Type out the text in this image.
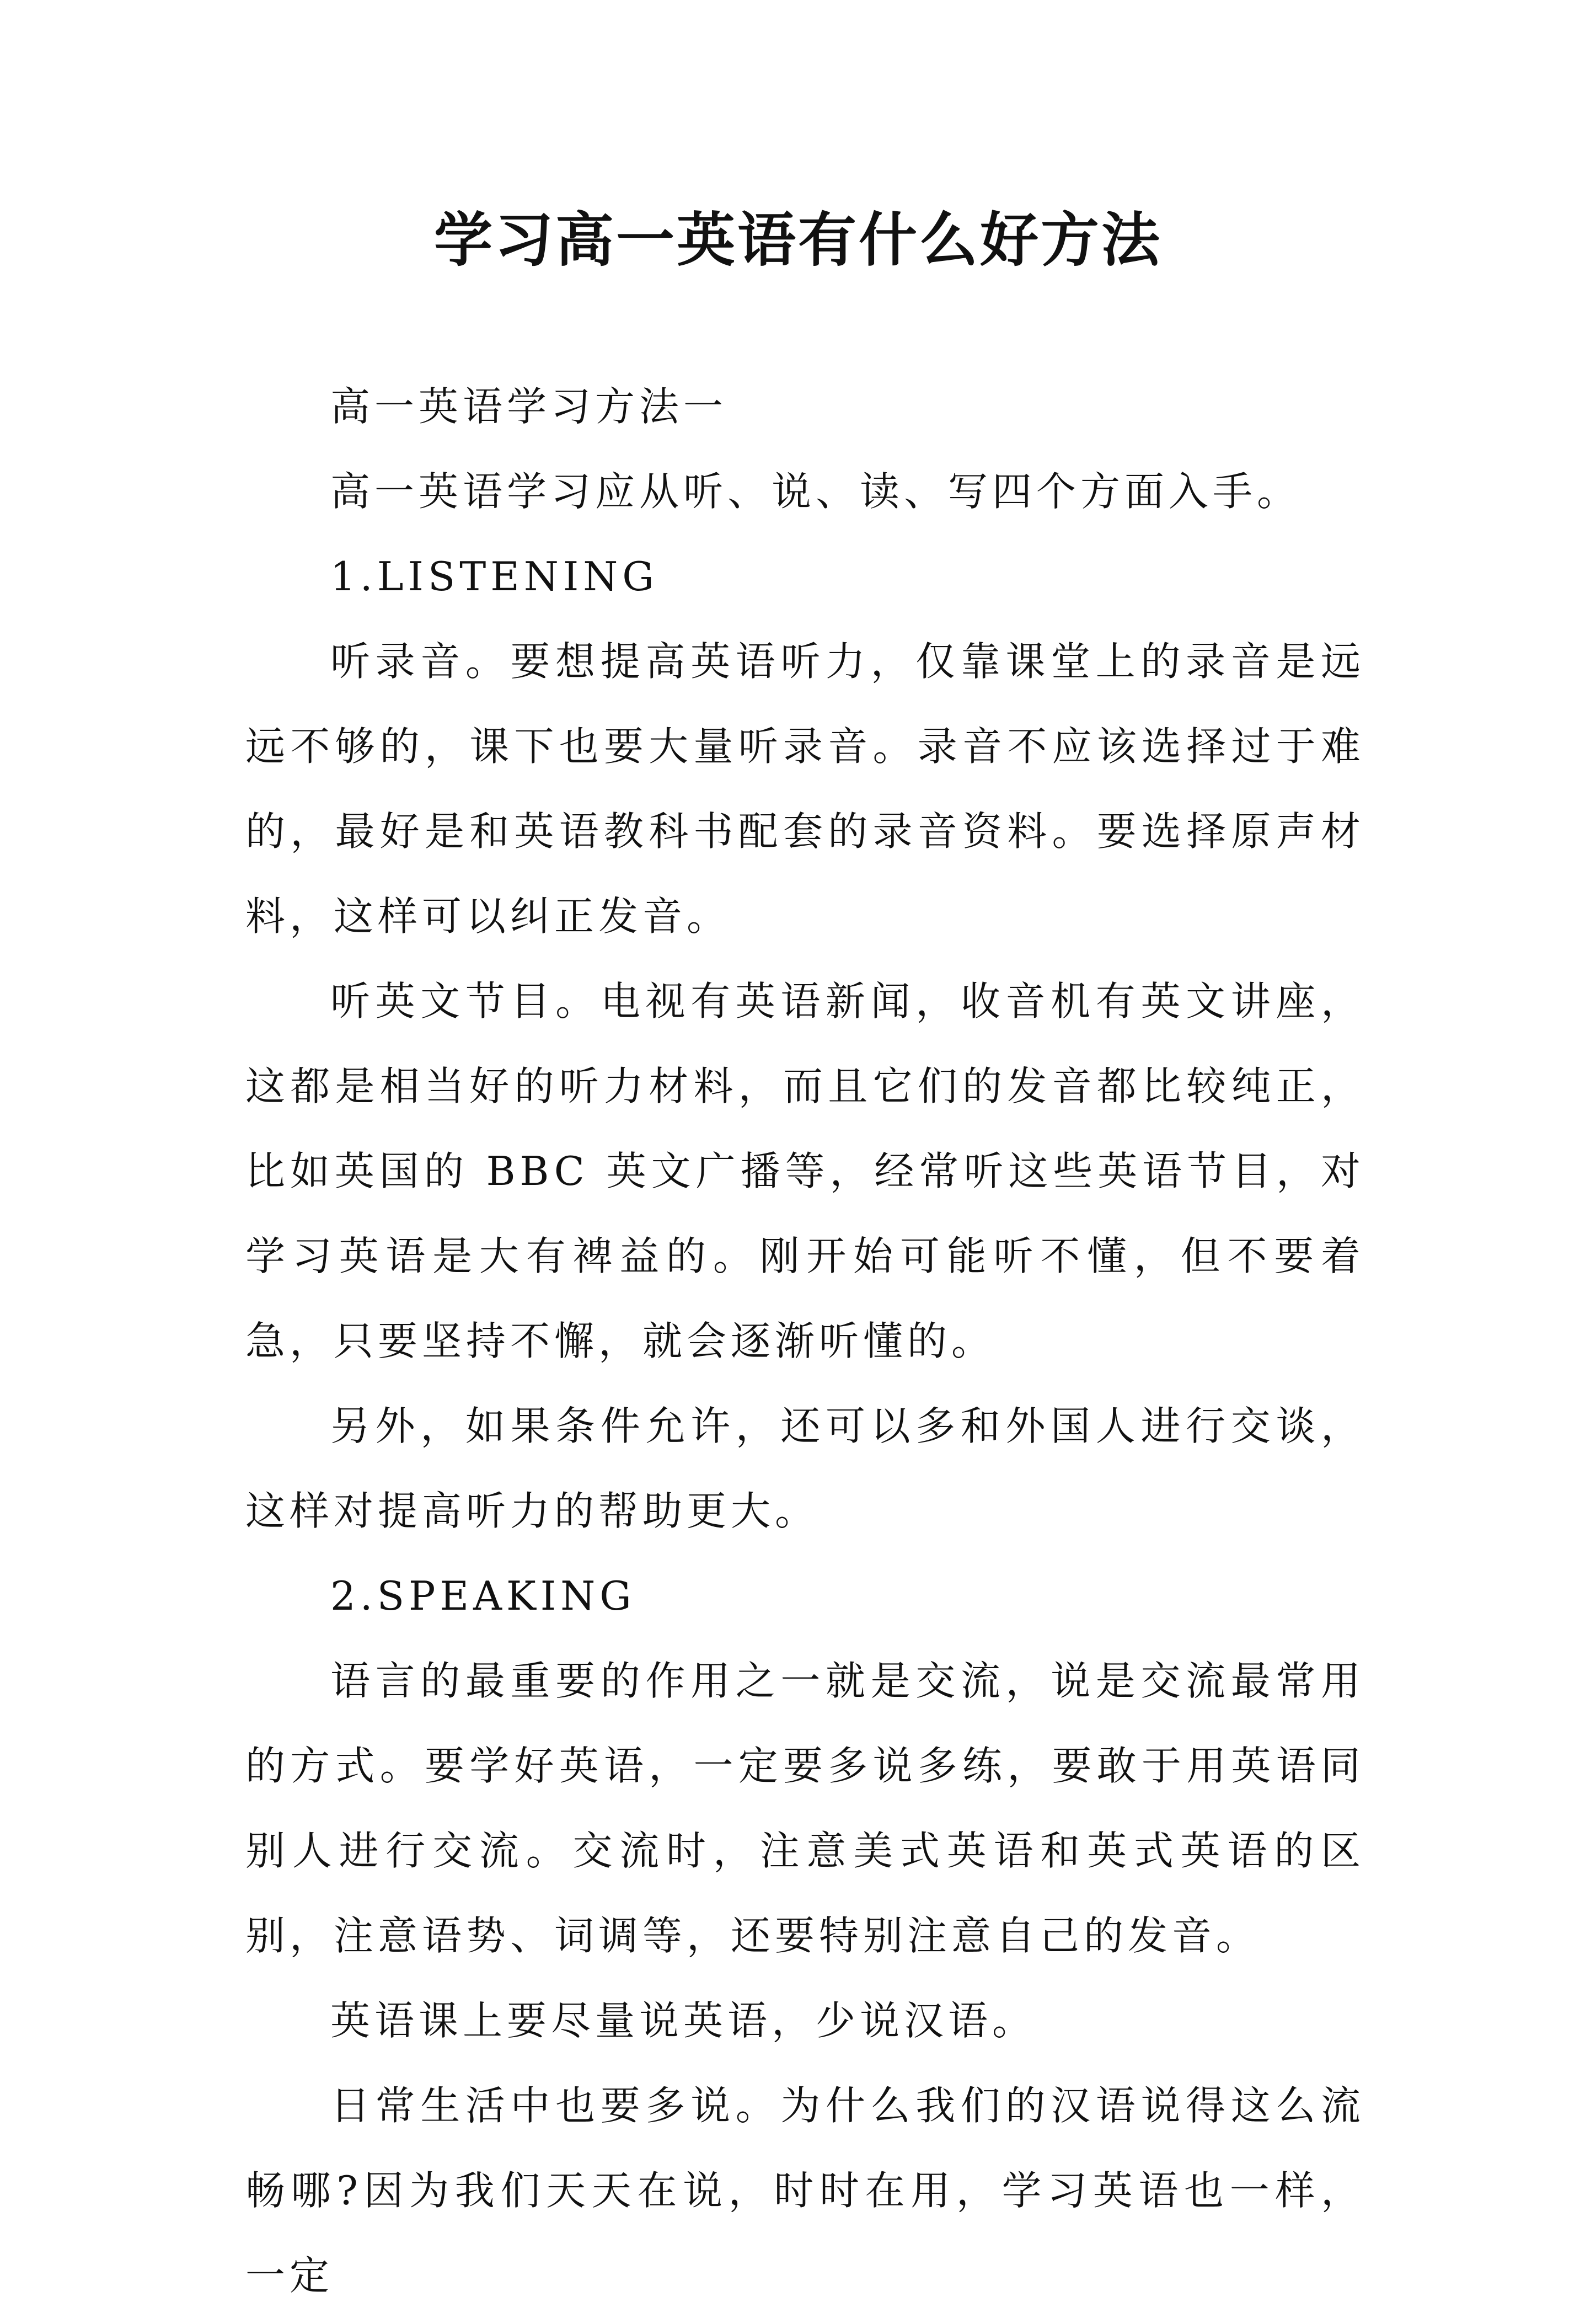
学习高一英语有什么好方法

高一英语学习方法一

高一英语学习应从听、说、读、写四个方面入手。

1.LISTENING

听录音。要想提高英语听力，仅靠课堂上的录音是远远不够的，课下也要大量听录音。录音不应该选择过于难的，最好是和英语教科书配套的录音资料。要选择原声材料，这样可以纠正发音。

听英文节目。电视有英语新闻，收音机有英文讲座，这都是相当好的听力材料，而且它们的发音都比较纯正，比如英国的 BBC 英文广播等，经常听这些英语节目，对学习英语是大有裨益的。刚开始可能听不懂，但不要着急，只要坚持不懈，就会逐渐听懂的。

另外，如果条件允许，还可以多和外国人进行交谈，这样对提高听力的帮助更大。

2.SPEAKING

语言的最重要的作用之一就是交流，说是交流最常用的方式。要学好英语，一定要多说多练，要敢于用英语同别人进行交流。交流时，注意美式英语和英式英语的区别，注意语势、词调等，还要特别注意自己的发音。

英语课上要尽量说英语，少说汉语。

日常生活中也要多说。为什么我们的汉语说得这么流畅哪?因为我们天天在说，时时在用，学习英语也一样，一定
